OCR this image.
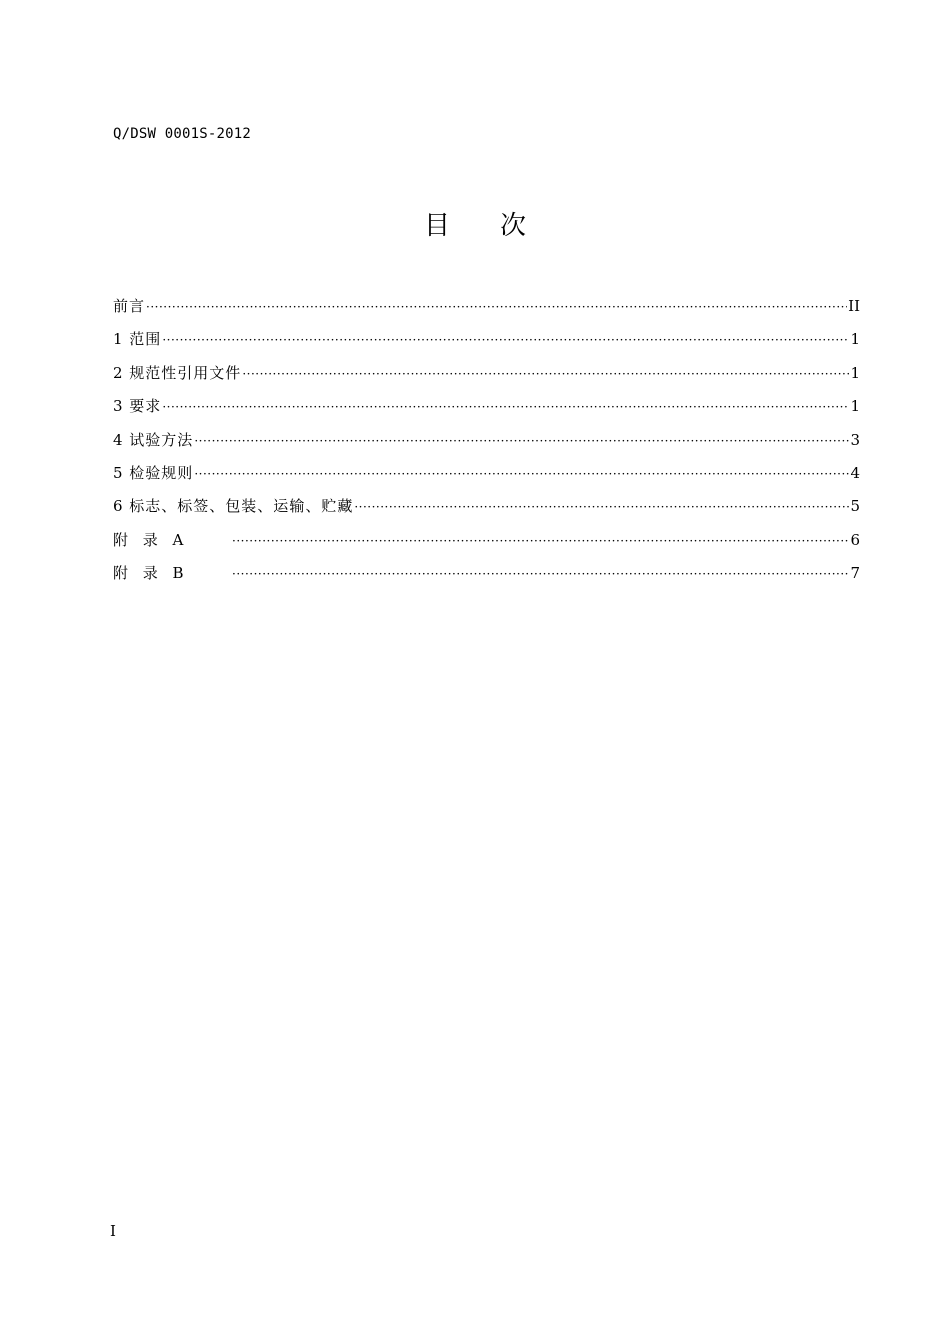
Q/DSW 0001S-2012
目 次
前言 ·····	II
1 范围 ·····	1
2 规范性引用文件 ·····	1
3 要求 ·····	1
4 试验方法 ·····	3
5 检验规则 ·····	4
6 标志、标签、包装、运输、贮藏 ·····	5
附 录 A ·····	6
附 录 B ·····	7
I
